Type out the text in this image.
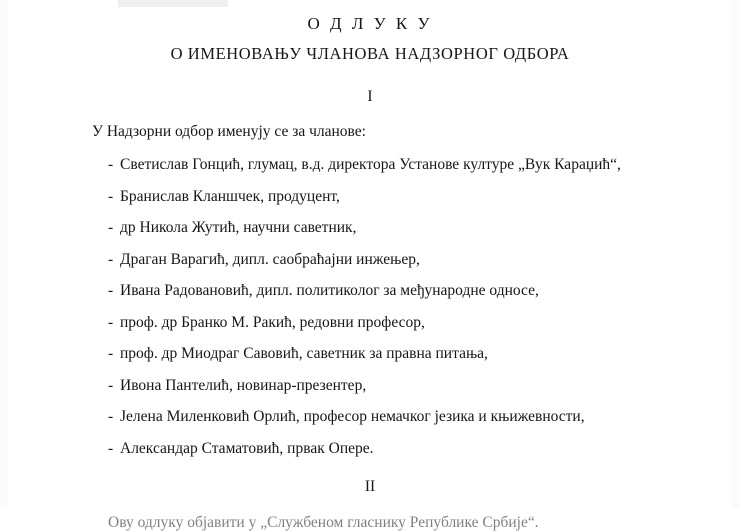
О Д Л У К У
О ИМЕНОВАЊУ ЧЛАНОВА НАДЗОРНОГ ОДБОРА
I
У Надзорни одбор именују се за чланове:
- Светислав Гонцић, глумац, в.д. директора Установе културе „Вук Караџић“,
- Бранислав Кланшчек, продуцент,
- др Никола Жутић, научни саветник,
- Драган Варагић, дипл. саобраћајни инжењер,
- Ивана Радовановић, дипл. политиколог за међународне односе,
- проф. др Бранко М. Ракић, редовни професор,
- проф. др Миодраг Савовић, саветник за правна питања,
- Ивона Пантелић, новинар-презентер,
- Јелена Миленковић Орлић, професор немачког језика и књижевности,
- Александар Стаматовић, првак Опере.
II
Ову одлуку објавити у „Службеном гласнику Републике Србије“.
